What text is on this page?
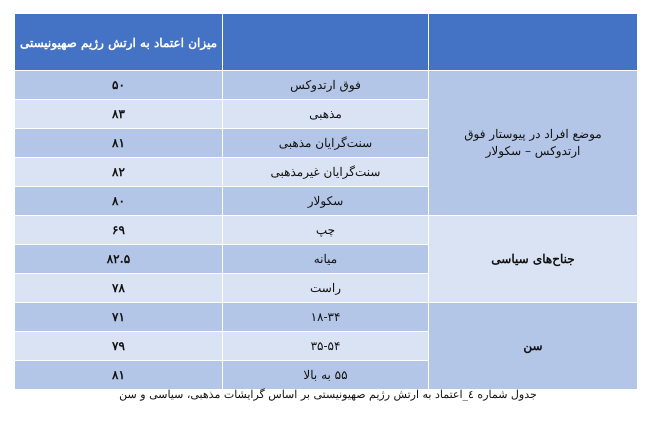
میزان اعتماد به ارتش رژیم صهیونیستی		

۵۰	فوق ارتدوکس	موضع افراد در پیوستار فوق ارتدوکس – سکولار
۸۳	مذهبی	
۸۱	سنت‌گرایان مذهبی	
۸۲	سنت‌گرایان غیرمذهبی	
۸۰	سکولار	
۶۹	چپ	جناح‌های سیاسی
۸۲.۵	میانه	
۷۸	راست	
۷۱	۱۸-۳۴	سن
۷۹	۳۵-۵۴	
۸۱	۵۵ به بالا	
جدول شماره ٤_اعتماد به ارتش رژیم صهیونیستی بر اساس گرایشات مذهبی، سیاسی و سن
